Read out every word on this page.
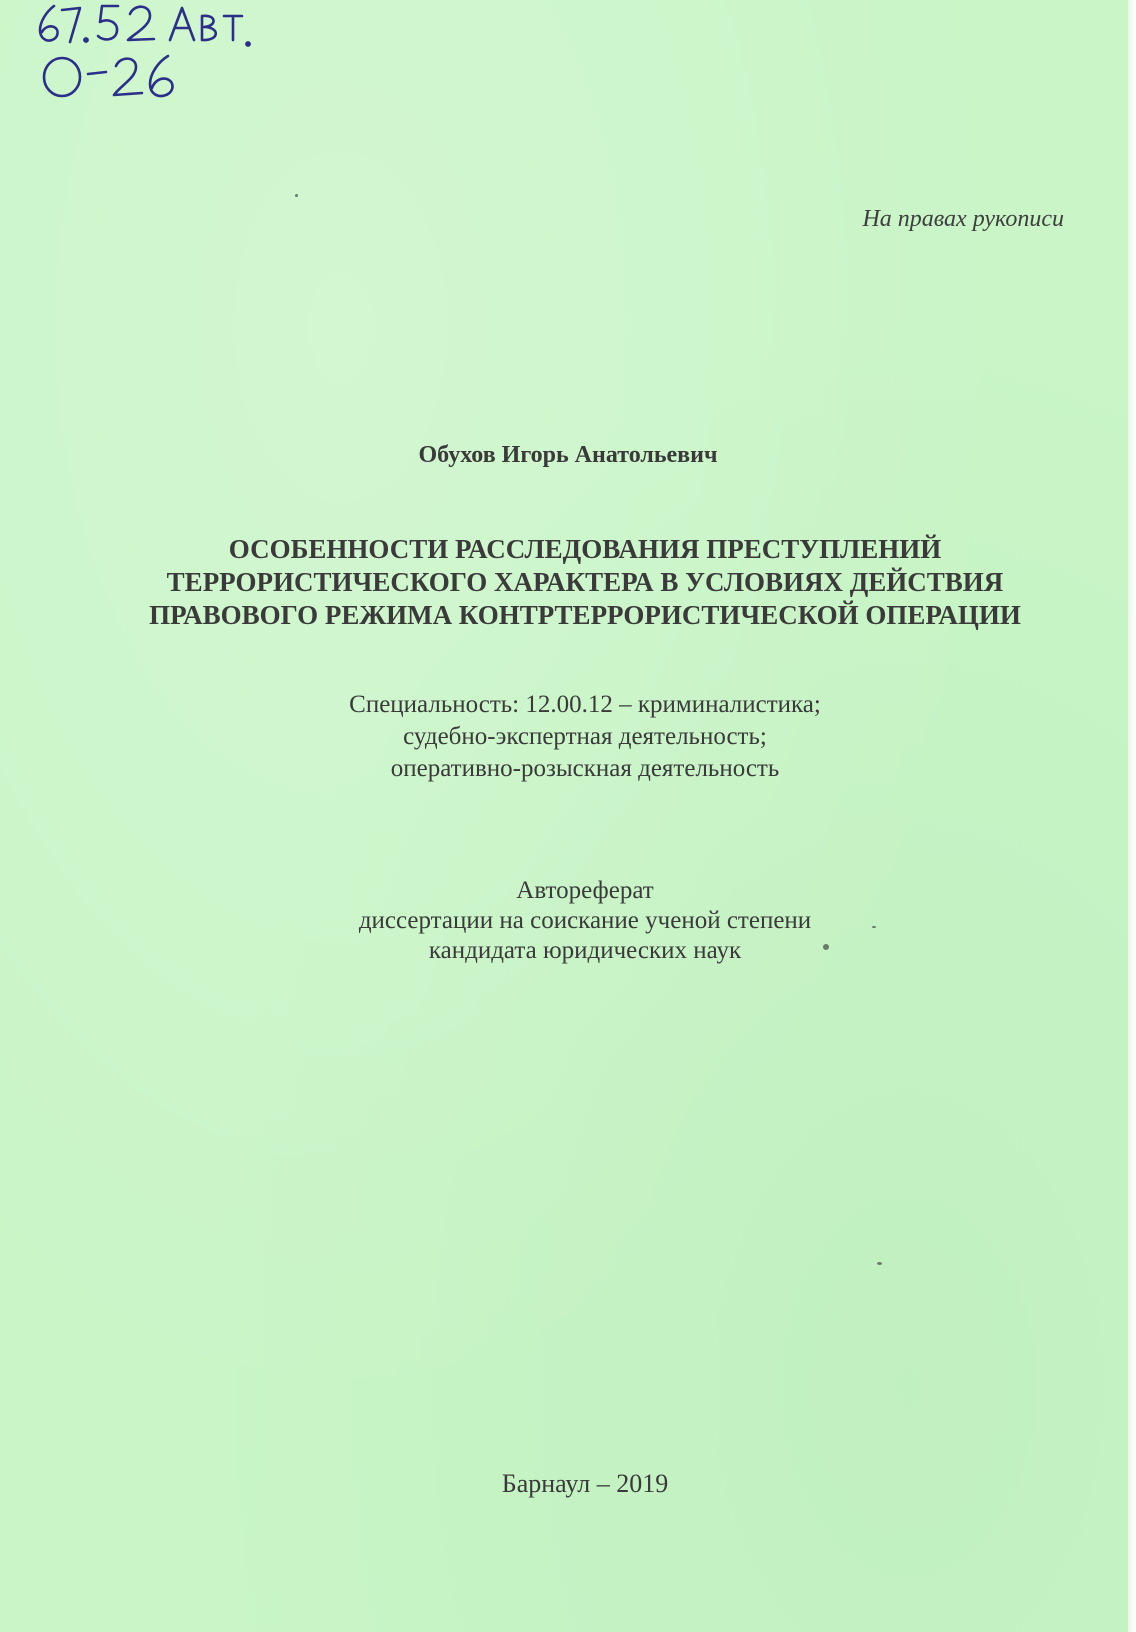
На правах рукописи
Обухов Игорь Анатольевич
ОСОБЕННОСТИ РАССЛЕДОВАНИЯ ПРЕСТУПЛЕНИЙ
ТЕРРОРИСТИЧЕСКОГО ХАРАКТЕРА В УСЛОВИЯХ ДЕЙСТВИЯ
ПРАВОВОГО РЕЖИМА КОНТРТЕРРОРИСТИЧЕСКОЙ ОПЕРАЦИИ
Специальность: 12.00.12 – криминалистика;
судебно-экспертная деятельность;
оперативно-розыскная деятельность
Автореферат
диссертации на соискание ученой степени
кандидата юридических наук
Барнаул – 2019
